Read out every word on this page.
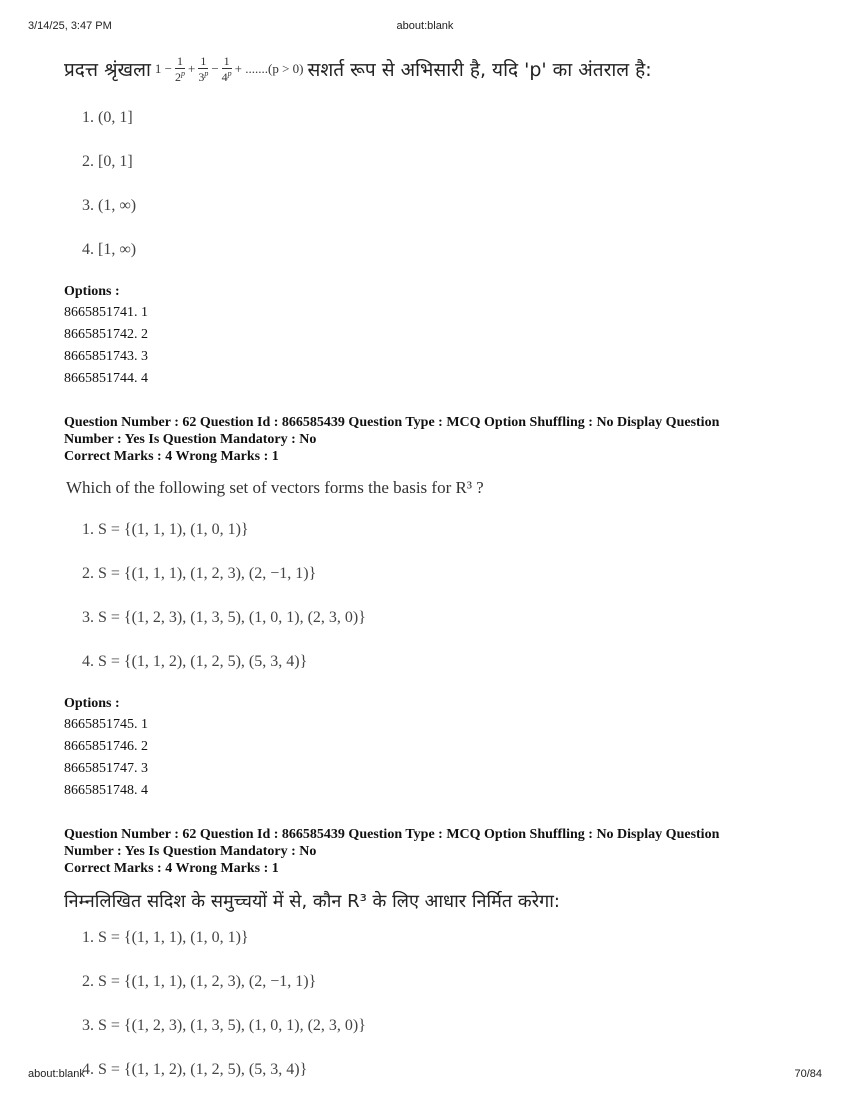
3/14/25, 3:47 PM	about:blank
प्रदत्त श्रृंखला $1 - \frac{1}{2^p} + \frac{1}{3^p} - \frac{1}{4^p} + .......(p > 0)$ सशर्त रूप से अभिसारी है, यदि 'p' का अंतराल है:
1. (0, 1]
2. [0, 1]
3. (1, ∞)
4. [1, ∞)
Options :
8665851741. 1
8665851742. 2
8665851743. 3
8665851744. 4
Question Number : 62 Question Id : 866585439 Question Type : MCQ Option Shuffling : No Display Question
Number : Yes Is Question Mandatory : No
Correct Marks : 4 Wrong Marks : 1
Which of the following set of vectors forms the basis for R³ ?
1. S = {(1, 1, 1), (1, 0, 1)}
2. S = {(1, 1, 1), (1, 2, 3), (2, −1, 1)}
3. S = {(1, 2, 3), (1, 3, 5), (1, 0, 1), (2, 3, 0)}
4. S = {(1, 1, 2), (1, 2, 5), (5, 3, 4)}
Options :
8665851745. 1
8665851746. 2
8665851747. 3
8665851748. 4
Question Number : 62 Question Id : 866585439 Question Type : MCQ Option Shuffling : No Display Question
Number : Yes Is Question Mandatory : No
Correct Marks : 4 Wrong Marks : 1
निम्नलिखित सदिश के समुच्चयों में से, कौन R³ के लिए आधार निर्मित करेगा:
1. S = {(1, 1, 1), (1, 0, 1)}
2. S = {(1, 1, 1), (1, 2, 3), (2, −1, 1)}
3. S = {(1, 2, 3), (1, 3, 5), (1, 0, 1), (2, 3, 0)}
4. S = {(1, 1, 2), (1, 2, 5), (5, 3, 4)}
about:blank	70/84
